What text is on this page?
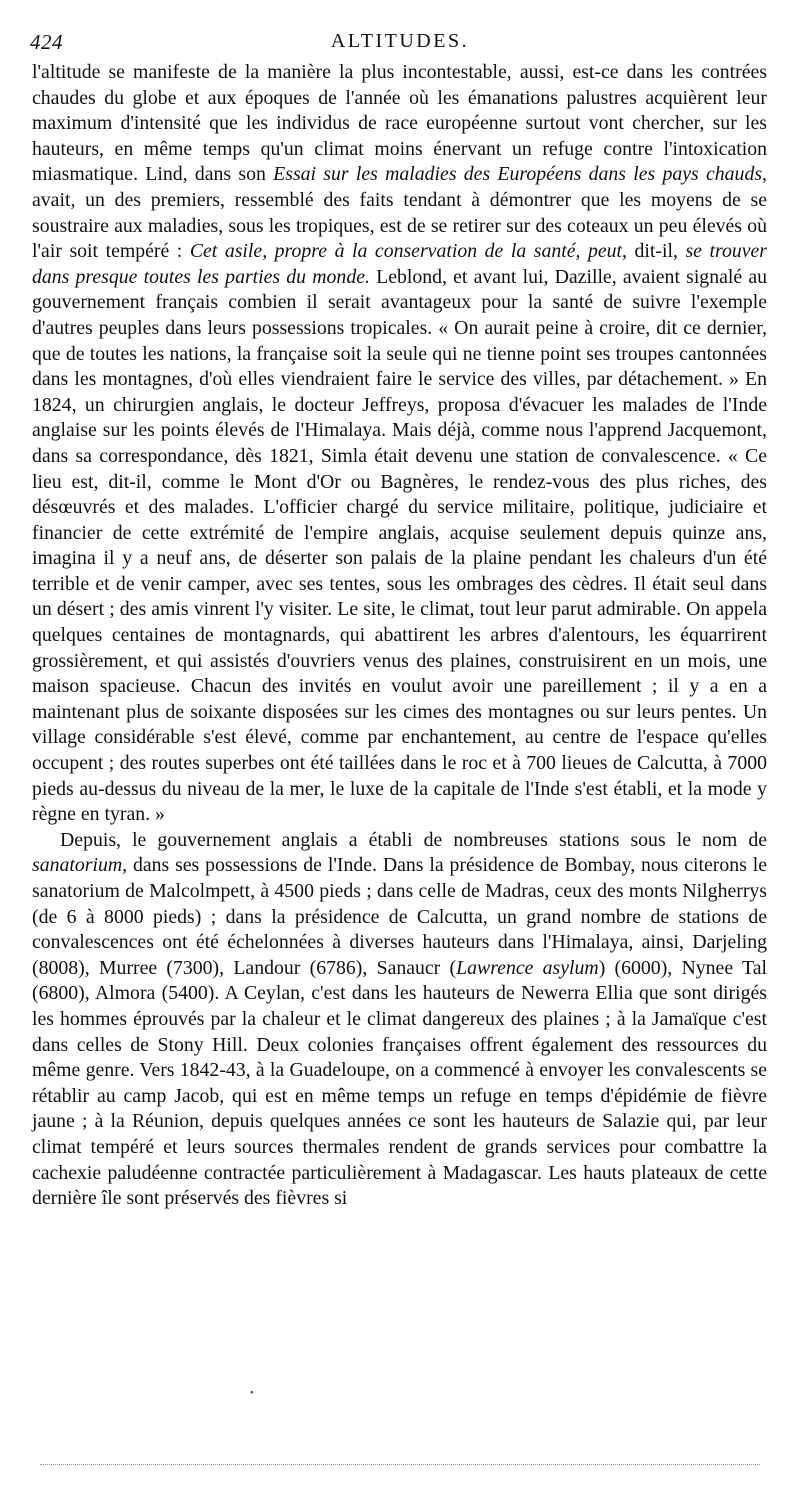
424	ALTITUDES.

l'altitude se manifeste de la manière la plus incontestable, aussi, est-ce dans les contrées chaudes du globe et aux époques de l'année où les émanations palustres acquièrent leur maximum d'intensité que les individus de race européenne surtout vont chercher, sur les hauteurs, en même temps qu'un climat moins énervant un refuge contre l'intoxication miasmatique. Lind, dans son Essai sur les maladies des Européens dans les pays chauds, avait, un des premiers, ressemblé des faits tendant à démontrer que les moyens de se soustraire aux maladies, sous les tropiques, est de se retirer sur des coteaux un peu élevés où l'air soit tempéré : Cet asile, propre à la conservation de la santé, peut, dit-il, se trouver dans presque toutes les parties du monde. Leblond, et avant lui, Dazille, avaient signalé au gouvernement français combien il serait avantageux pour la santé de suivre l'exemple d'autres peuples dans leurs possessions tropicales. « On aurait peine à croire, dit ce dernier, que de toutes les nations, la française soit la seule qui ne tienne point ses troupes cantonnées dans les montagnes, d'où elles viendraient faire le service des villes, par détachement. » En 1824, un chirurgien anglais, le docteur Jeffreys, proposa d'évacuer les malades de l'Inde anglaise sur les points élevés de l'Himalaya. Mais déjà, comme nous l'apprend Jacquemont, dans sa correspondance, dès 1821, Simla était devenu une station de convalescence. « Ce lieu est, dit-il, comme le Mont d'Or ou Bagnères, le rendez-vous des plus riches, des désœuvrés et des malades. L'officier chargé du service militaire, politique, judiciaire et financier de cette extrémité de l'empire anglais, acquise seulement depuis quinze ans, imagina il y a neuf ans, de déserter son palais de la plaine pendant les chaleurs d'un été terrible et de venir camper, avec ses tentes, sous les ombrages des cèdres. Il était seul dans un désert ; des amis vinrent l'y visiter. Le site, le climat, tout leur parut admirable. On appela quelques centaines de montagnards, qui abattirent les arbres d'alentours, les équarrirent grossièrement, et qui assistés d'ouvriers venus des plaines, construisirent en un mois, une maison spacieuse. Chacun des invités en voulut avoir une pareillement ; il y a en a maintenant plus de soixante disposées sur les cimes des montagnes ou sur leurs pentes. Un village considérable s'est élevé, comme par enchantement, au centre de l'espace qu'elles occupent ; des routes superbes ont été taillées dans le roc et à 700 lieues de Calcutta, à 7000 pieds au-dessus du niveau de la mer, le luxe de la capitale de l'Inde s'est établi, et la mode y règne en tyran. »

Depuis, le gouvernement anglais a établi de nombreuses stations sous le nom de sanatorium, dans ses possessions de l'Inde. Dans la présidence de Bombay, nous citerons le sanatorium de Malcolmpett, à 4500 pieds ; dans celle de Madras, ceux des monts Nilgherrys (de 6 à 8000 pieds) ; dans la présidence de Calcutta, un grand nombre de stations de convalescences ont été échelonnées à diverses hauteurs dans l'Himalaya, ainsi, Darjeling (8008), Murree (7300), Landour (6786), Sanaucr (Lawrence asylum) (6000), Nynee Tal (6800), Almora (5400). A Ceylan, c'est dans les hauteurs de Newerra Ellia que sont dirigés les hommes éprouvés par la chaleur et le climat dangereux des plaines ; à la Jamaïque c'est dans celles de Stony Hill. Deux colonies françaises offrent également des ressources du même genre. Vers 1842-43, à la Guadeloupe, on a commencé à envoyer les convalescents se rétablir au camp Jacob, qui est en même temps un refuge en temps d'épidémie de fièvre jaune ; à la Réunion, depuis quelques années ce sont les hauteurs de Salazie qui, par leur climat tempéré et leurs sources thermales rendent de grands services pour combattre la cachexie paludéenne contractée particulièrement à Madagascar. Les hauts plateaux de cette dernière île sont préservés des fièvres si

•
